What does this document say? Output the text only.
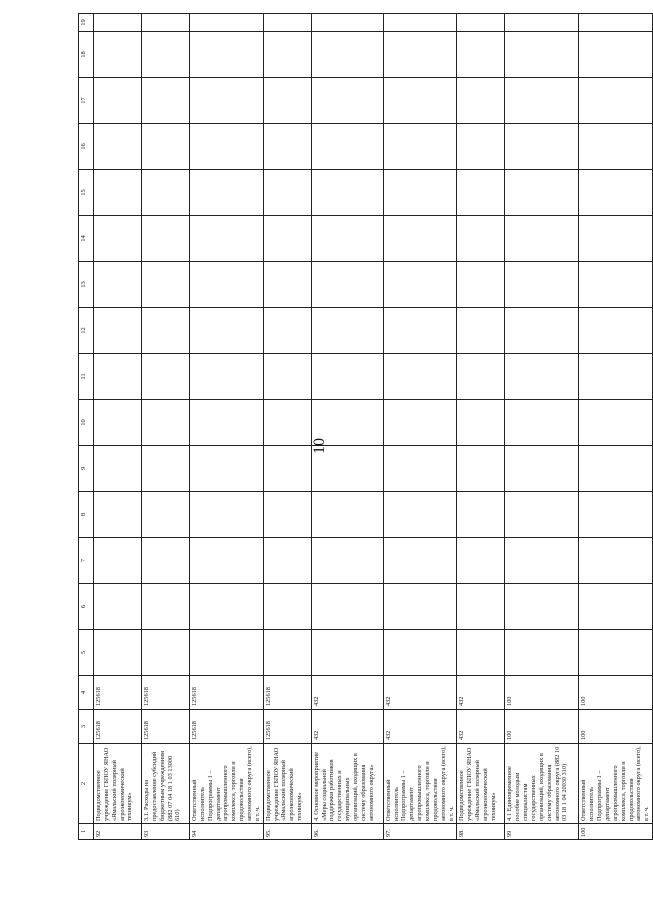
10
1	2	3	4	5	6	7	8	9	10	11	12	13	14	15	16	17	18	19
92	Подведомственное учреждение ГБПОУ ЯНАО «Ямальский полярный агроэкономический техникум»	125618	125618															
93	3.1. Расходы на предоставление субсидий бюджетным учреждениям (882 07 04 18 1 03 13000 610)	125618	125618															
94	Ответственный исполнитель Подпрограммы 1 – департамент агропромышленного комплекса, торговли и продовольствия автономного округа (всего), в т. ч.	125618	125618															
95.	Подведомственное учреждение ГБПОУ ЯНАО «Ямальский полярный агроэкономический техникум»	125618	125618															
96.	4. Основное мероприятие «Меры социальной поддержки работников государственных и муниципальных организаций, входящих в систему образования автономного округа»	432	432															
97.	Ответственный исполнитель Подпрограммы 1 – департамент агропромышленного комплекса, торговли и продовольствия автономного округа (всего), в т. ч.	432	432															
98.	Подведомственное учреждение ГБПОУ ЯНАО «Ямальский полярный агроэкономический техникум»	432	432															
99	4.1 Единовременное пособие молодым специалистам государственных организаций, входящих в систему образования автономного округа (882 10 03 18 1 04 20030 310)	100	100															
100	Ответственный исполнитель Подпрограммы 1 – департамент агропромышленного комплекса, торговли и продовольствия автономного округа (всего), в т. ч.	100	100															
